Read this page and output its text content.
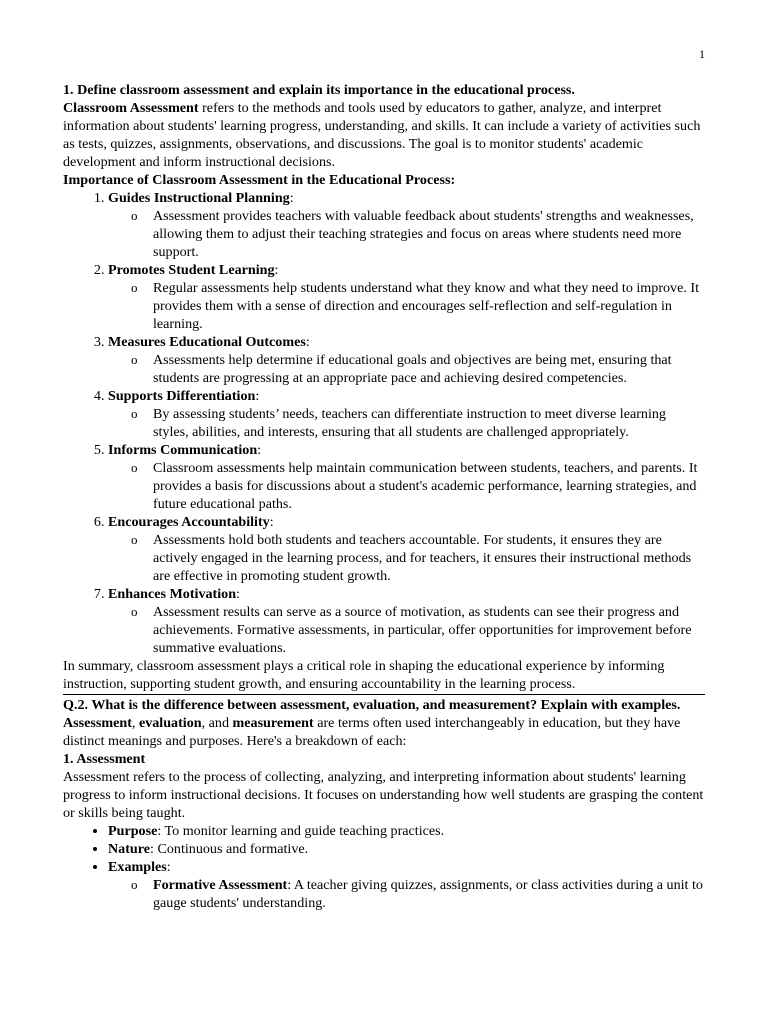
1

1. Define classroom assessment and explain its importance in the educational process.

Classroom Assessment refers to the methods and tools used by educators to gather, analyze, and interpret information about students' learning progress, understanding, and skills. It can include a variety of activities such as tests, quizzes, assignments, observations, and discussions. The goal is to monitor students' academic development and inform instructional decisions.

Importance of Classroom Assessment in the Educational Process:

1. Guides Instructional Planning:
o Assessment provides teachers with valuable feedback about students' strengths and weaknesses, allowing them to adjust their teaching strategies and focus on areas where students need more support.
2. Promotes Student Learning:
o Regular assessments help students understand what they know and what they need to improve. It provides them with a sense of direction and encourages self-reflection and self-regulation in learning.
3. Measures Educational Outcomes:
o Assessments help determine if educational goals and objectives are being met, ensuring that students are progressing at an appropriate pace and achieving desired competencies.
4. Supports Differentiation:
o By assessing students’ needs, teachers can differentiate instruction to meet diverse learning styles, abilities, and interests, ensuring that all students are challenged appropriately.
5. Informs Communication:
o Classroom assessments help maintain communication between students, teachers, and parents. It provides a basis for discussions about a student's academic performance, learning strategies, and future educational paths.
6. Encourages Accountability:
o Assessments hold both students and teachers accountable. For students, it ensures they are actively engaged in the learning process, and for teachers, it ensures their instructional methods are effective in promoting student growth.
7. Enhances Motivation:
o Assessment results can serve as a source of motivation, as students can see their progress and achievements. Formative assessments, in particular, offer opportunities for improvement before summative evaluations.

In summary, classroom assessment plays a critical role in shaping the educational experience by informing instruction, supporting student growth, and ensuring accountability in the learning process.

Q.2. What is the difference between assessment, evaluation, and measurement? Explain with examples.

Assessment, evaluation, and measurement are terms often used interchangeably in education, but they have distinct meanings and purposes. Here's a breakdown of each:

1. Assessment

Assessment refers to the process of collecting, analyzing, and interpreting information about students' learning progress to inform instructional decisions. It focuses on understanding how well students are grasping the content or skills being taught.

• Purpose: To monitor learning and guide teaching practices.
• Nature: Continuous and formative.
• Examples:
o Formative Assessment: A teacher giving quizzes, assignments, or class activities during a unit to gauge students' understanding.
